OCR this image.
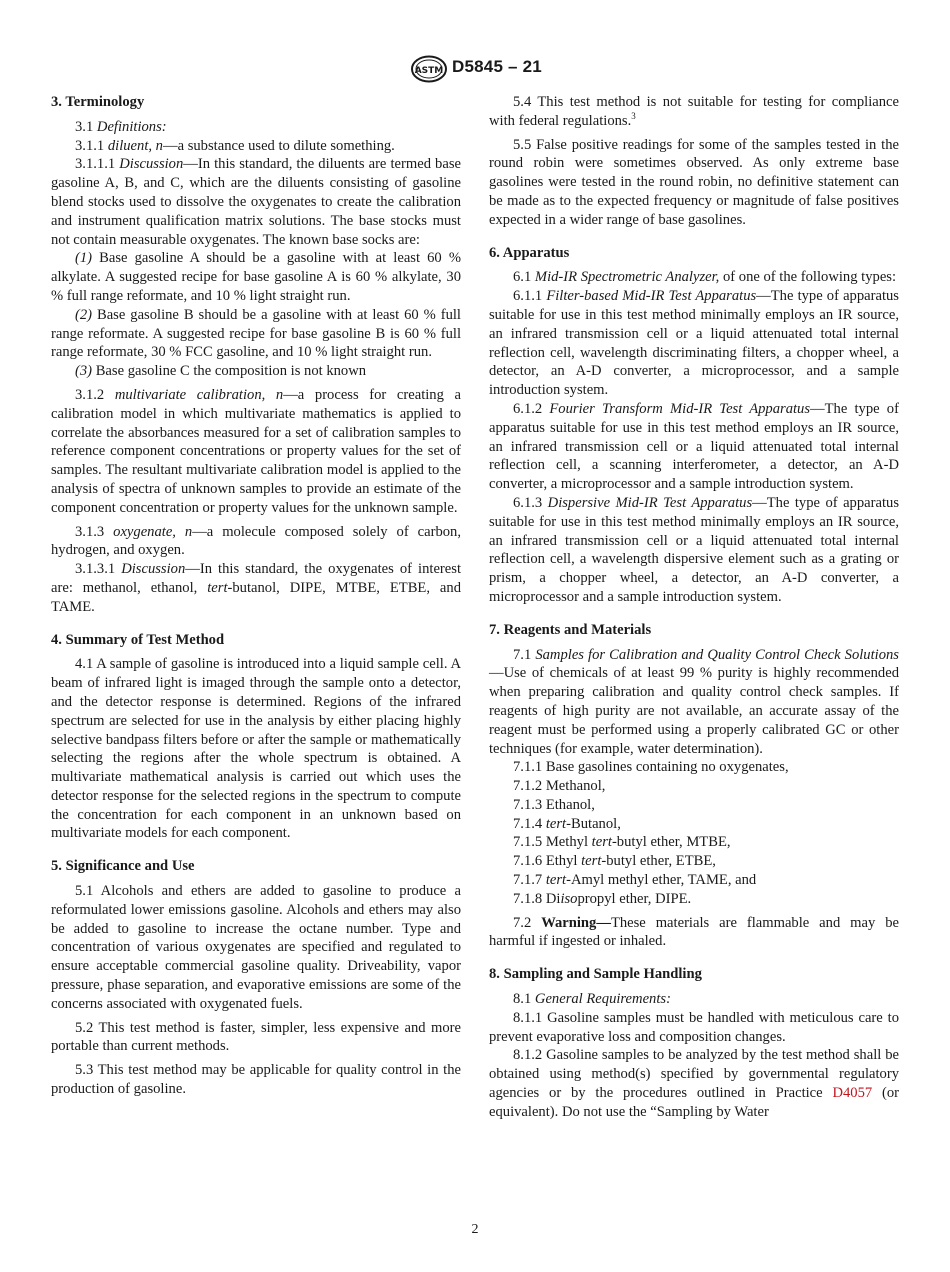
ASTM D5845 – 21
3. Terminology

3.1 Definitions:

3.1.1 diluent, n—a substance used to dilute something.

3.1.1.1 Discussion—In this standard, the diluents are termed base gasoline A, B, and C, which are the diluents consisting of gasoline blend stocks used to dissolve the oxygenates to create the calibration and instrument qualification matrix solutions. The base stocks must not contain measurable oxygenates. The known base socks are:

(1) Base gasoline A should be a gasoline with at least 60 % alkylate. A suggested recipe for base gasoline A is 60 % alkylate, 30 % full range reformate, and 10 % light straight run.

(2) Base gasoline B should be a gasoline with at least 60 % full range reformate. A suggested recipe for base gasoline B is 60 % full range reformate, 30 % FCC gasoline, and 10 % light straight run.

(3) Base gasoline C the composition is not known

3.1.2 multivariate calibration, n—a process for creating a calibration model in which multivariate mathematics is applied to correlate the absorbances measured for a set of calibration samples to reference component concentrations or property values for the set of samples. The resultant multivariate calibration model is applied to the analysis of spectra of unknown samples to provide an estimate of the component concentration or property values for the unknown sample.

3.1.3 oxygenate, n—a molecule composed solely of carbon, hydrogen, and oxygen.

3.1.3.1 Discussion—In this standard, the oxygenates of interest are: methanol, ethanol, tert-butanol, DIPE, MTBE, ETBE, and TAME.

4. Summary of Test Method

4.1 A sample of gasoline is introduced into a liquid sample cell. A beam of infrared light is imaged through the sample onto a detector, and the detector response is determined. Regions of the infrared spectrum are selected for use in the analysis by either placing highly selective bandpass filters before or after the sample or mathematically selecting the regions after the whole spectrum is obtained. A multivariate mathematical analysis is carried out which uses the detector response for the selected regions in the spectrum to compute the concentration for each component in an unknown based on multivariate models for each component.

5. Significance and Use

5.1 Alcohols and ethers are added to gasoline to produce a reformulated lower emissions gasoline. Alcohols and ethers may also be added to gasoline to increase the octane number. Type and concentration of various oxygenates are specified and regulated to ensure acceptable commercial gasoline quality. Driveability, vapor pressure, phase separation, and evaporative emissions are some of the concerns associated with oxygenated fuels.

5.2 This test method is faster, simpler, less expensive and more portable than current methods.

5.3 This test method may be applicable for quality control in the production of gasoline.

5.4 This test method is not suitable for testing for compliance with federal regulations.$^3$

5.5 False positive readings for some of the samples tested in the round robin were sometimes observed. As only extreme base gasolines were tested in the round robin, no definitive statement can be made as to the expected frequency or magnitude of false positives expected in a wider range of base gasolines.

6. Apparatus

6.1 Mid-IR Spectrometric Analyzer, of one of the following types:

6.1.1 Filter-based Mid-IR Test Apparatus—The type of apparatus suitable for use in this test method minimally employs an IR source, an infrared transmission cell or a liquid attenuated total internal reflection cell, wavelength discriminating filters, a chopper wheel, a detector, an A-D converter, a microprocessor, and a sample introduction system.

6.1.2 Fourier Transform Mid-IR Test Apparatus—The type of apparatus suitable for use in this test method employs an IR source, an infrared transmission cell or a liquid attenuated total internal reflection cell, a scanning interferometer, a detector, an A-D converter, a microprocessor and a sample introduction system.

6.1.3 Dispersive Mid-IR Test Apparatus—The type of apparatus suitable for use in this test method minimally employs an IR source, an infrared transmission cell or a liquid attenuated total internal reflection cell, a wavelength dispersive element such as a grating or prism, a chopper wheel, a detector, an A-D converter, a microprocessor and a sample introduction system.

7. Reagents and Materials

7.1 Samples for Calibration and Quality Control Check Solutions—Use of chemicals of at least 99 % purity is highly recommended when preparing calibration and quality control check samples. If reagents of high purity are not available, an accurate assay of the reagent must be performed using a properly calibrated GC or other techniques (for example, water determination).

7.1.1 Base gasolines containing no oxygenates,

7.1.2 Methanol,

7.1.3 Ethanol,

7.1.4 tert-Butanol,

7.1.5 Methyl tert-butyl ether, MTBE,

7.1.6 Ethyl tert-butyl ether, ETBE,

7.1.7 tert-Amyl methyl ether, TAME, and

7.1.8 Diisopropyl ether, DIPE.

7.2 Warning—These materials are flammable and may be harmful if ingested or inhaled.

8. Sampling and Sample Handling

8.1 General Requirements:

8.1.1 Gasoline samples must be handled with meticulous care to prevent evaporative loss and composition changes.

8.1.2 Gasoline samples to be analyzed by the test method shall be obtained using method(s) specified by governmental regulatory agencies or by the procedures outlined in Practice D4057 (or equivalent). Do not use the “Sampling by Water

2
